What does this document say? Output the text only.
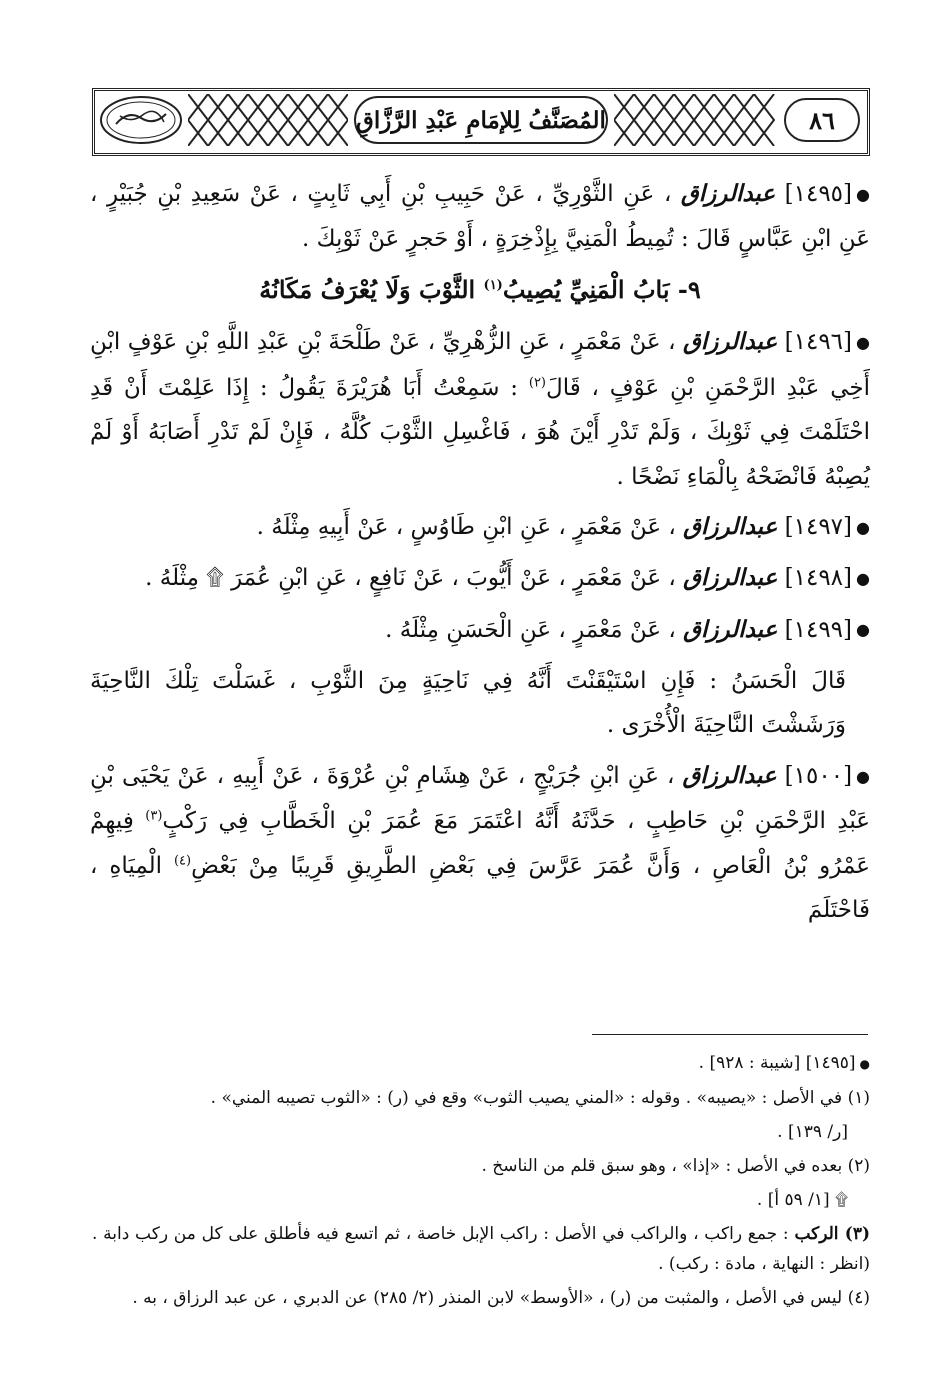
المُصَنَّفُ لِلإمَامِ عَبْدِ الرَّزَّاقِ	٨٦

●[١٤٩٥] عبدالرزاق ، عَنِ الثَّوْرِيِّ ، عَنْ حَبِيبِ بْنِ أَبِي ثَابِتٍ ، عَنْ سَعِيدِ بْنِ جُبَيْرٍ ، عَنِ ابْنِ عَبَّاسٍ قَالَ : تُمِيطُ الْمَنِيَّ بِإِذْخِرَةٍ ، أَوْ حَجرٍ عَنْ ثَوْبِكَ .

٩- بَابُ الْمَنِيِّ يُصِيبُ$^{(١)}$ الثَّوْبَ وَلَا يُعْرَفُ مَكَانُهُ

●[١٤٩٦] عبدالرزاق ، عَنْ مَعْمَرٍ ، عَنِ الزُّهْرِيِّ ، عَنْ طَلْحَةَ بْنِ عَبْدِ اللَّهِ بْنِ عَوْفٍ ابْنِ أَخِي عَبْدِ الرَّحْمَنِ بْنِ عَوْفٍ ، قَالَ$^{(٢)}$ : سَمِعْتُ أَبَا هُرَيْرَةَ يَقُولُ : إِذَا عَلِمْتَ أَنْ قَدِ احْتَلَمْتَ فِي ثَوْبِكَ ، وَلَمْ تَدْرِ أَيْنَ هُوَ ، فَاغْسِلِ الثَّوْبَ كُلَّهُ ، فَإِنْ لَمْ تَدْرِ أَصَابَهُ أَوْ لَمْ يُصِبْهُ فَانْضَحْهُ بِالْمَاءِ نَضْحًا .

●[١٤٩٧] عبدالرزاق ، عَنْ مَعْمَرٍ ، عَنِ ابْنِ طَاوُسٍ ، عَنْ أَبِيهِ مِثْلَهُ .

●[١٤٩٨] عبدالرزاق ، عَنْ مَعْمَرٍ ، عَنْ أَيُّوبَ ، عَنْ نَافِعٍ ، عَنِ ابْنِ عُمَرَ ۩ مِثْلَهُ .

●[١٤٩٩] عبدالرزاق ، عَنْ مَعْمَرٍ ، عَنِ الْحَسَنِ مِثْلَهُ .

قَالَ الْحَسَنُ : فَإِنِ اسْتَيْقَنْتَ أَنَّهُ فِي نَاحِيَةٍ مِنَ الثَّوْبِ ، غَسَلْتَ تِلْكَ النَّاحِيَةَ وَرَشَشْتَ النَّاحِيَةَ الْأُخْرَى .

●[١٥٠٠] عبدالرزاق ، عَنِ ابْنِ جُرَيْجٍ ، عَنْ هِشَامِ بْنِ عُرْوَةَ ، عَنْ أَبِيهِ ، عَنْ يَحْيَى بْنِ عَبْدِ الرَّحْمَنِ بْنِ حَاطِبٍ ، حَدَّثَهُ أَنَّهُ اعْتَمَرَ مَعَ عُمَرَ بْنِ الْخَطَّابِ فِي رَكْبٍ$^{(٣)}$ فِيهِمْ عَمْرُو بْنُ الْعَاصِ ، وَأَنَّ عُمَرَ عَرَّسَ فِي بَعْضِ الطَّرِيقِ قَرِيبًا مِنْ بَعْضِ$^{(٤)}$ الْمِيَاهِ ، فَاحْتَلَمَ

●[١٤٩٥] [شيبة : ٩٢٨] .

(١) في الأصل : «يصيبه» . وقوله : «المني يصيب الثوب» وقع في (ر) : «الثوب تصيبه المني» .

[ر/ ١٣٩] .

(٢) بعده في الأصل : «إذا» ، وهو سبق قلم من الناسخ .

۩ [١/ ٥٩ أ] .

(٣) الركب : جمع راكب ، والراكب في الأصل : راكب الإبل خاصة ، ثم اتسع فيه فأطلق على كل من ركب دابة . (انظر : النهاية ، مادة : ركب) .

(٤) ليس في الأصل ، والمثبت من (ر) ، «الأوسط» لابن المنذر (٢/ ٢٨٥) عن الدبري ، عن عبد الرزاق ، به .
